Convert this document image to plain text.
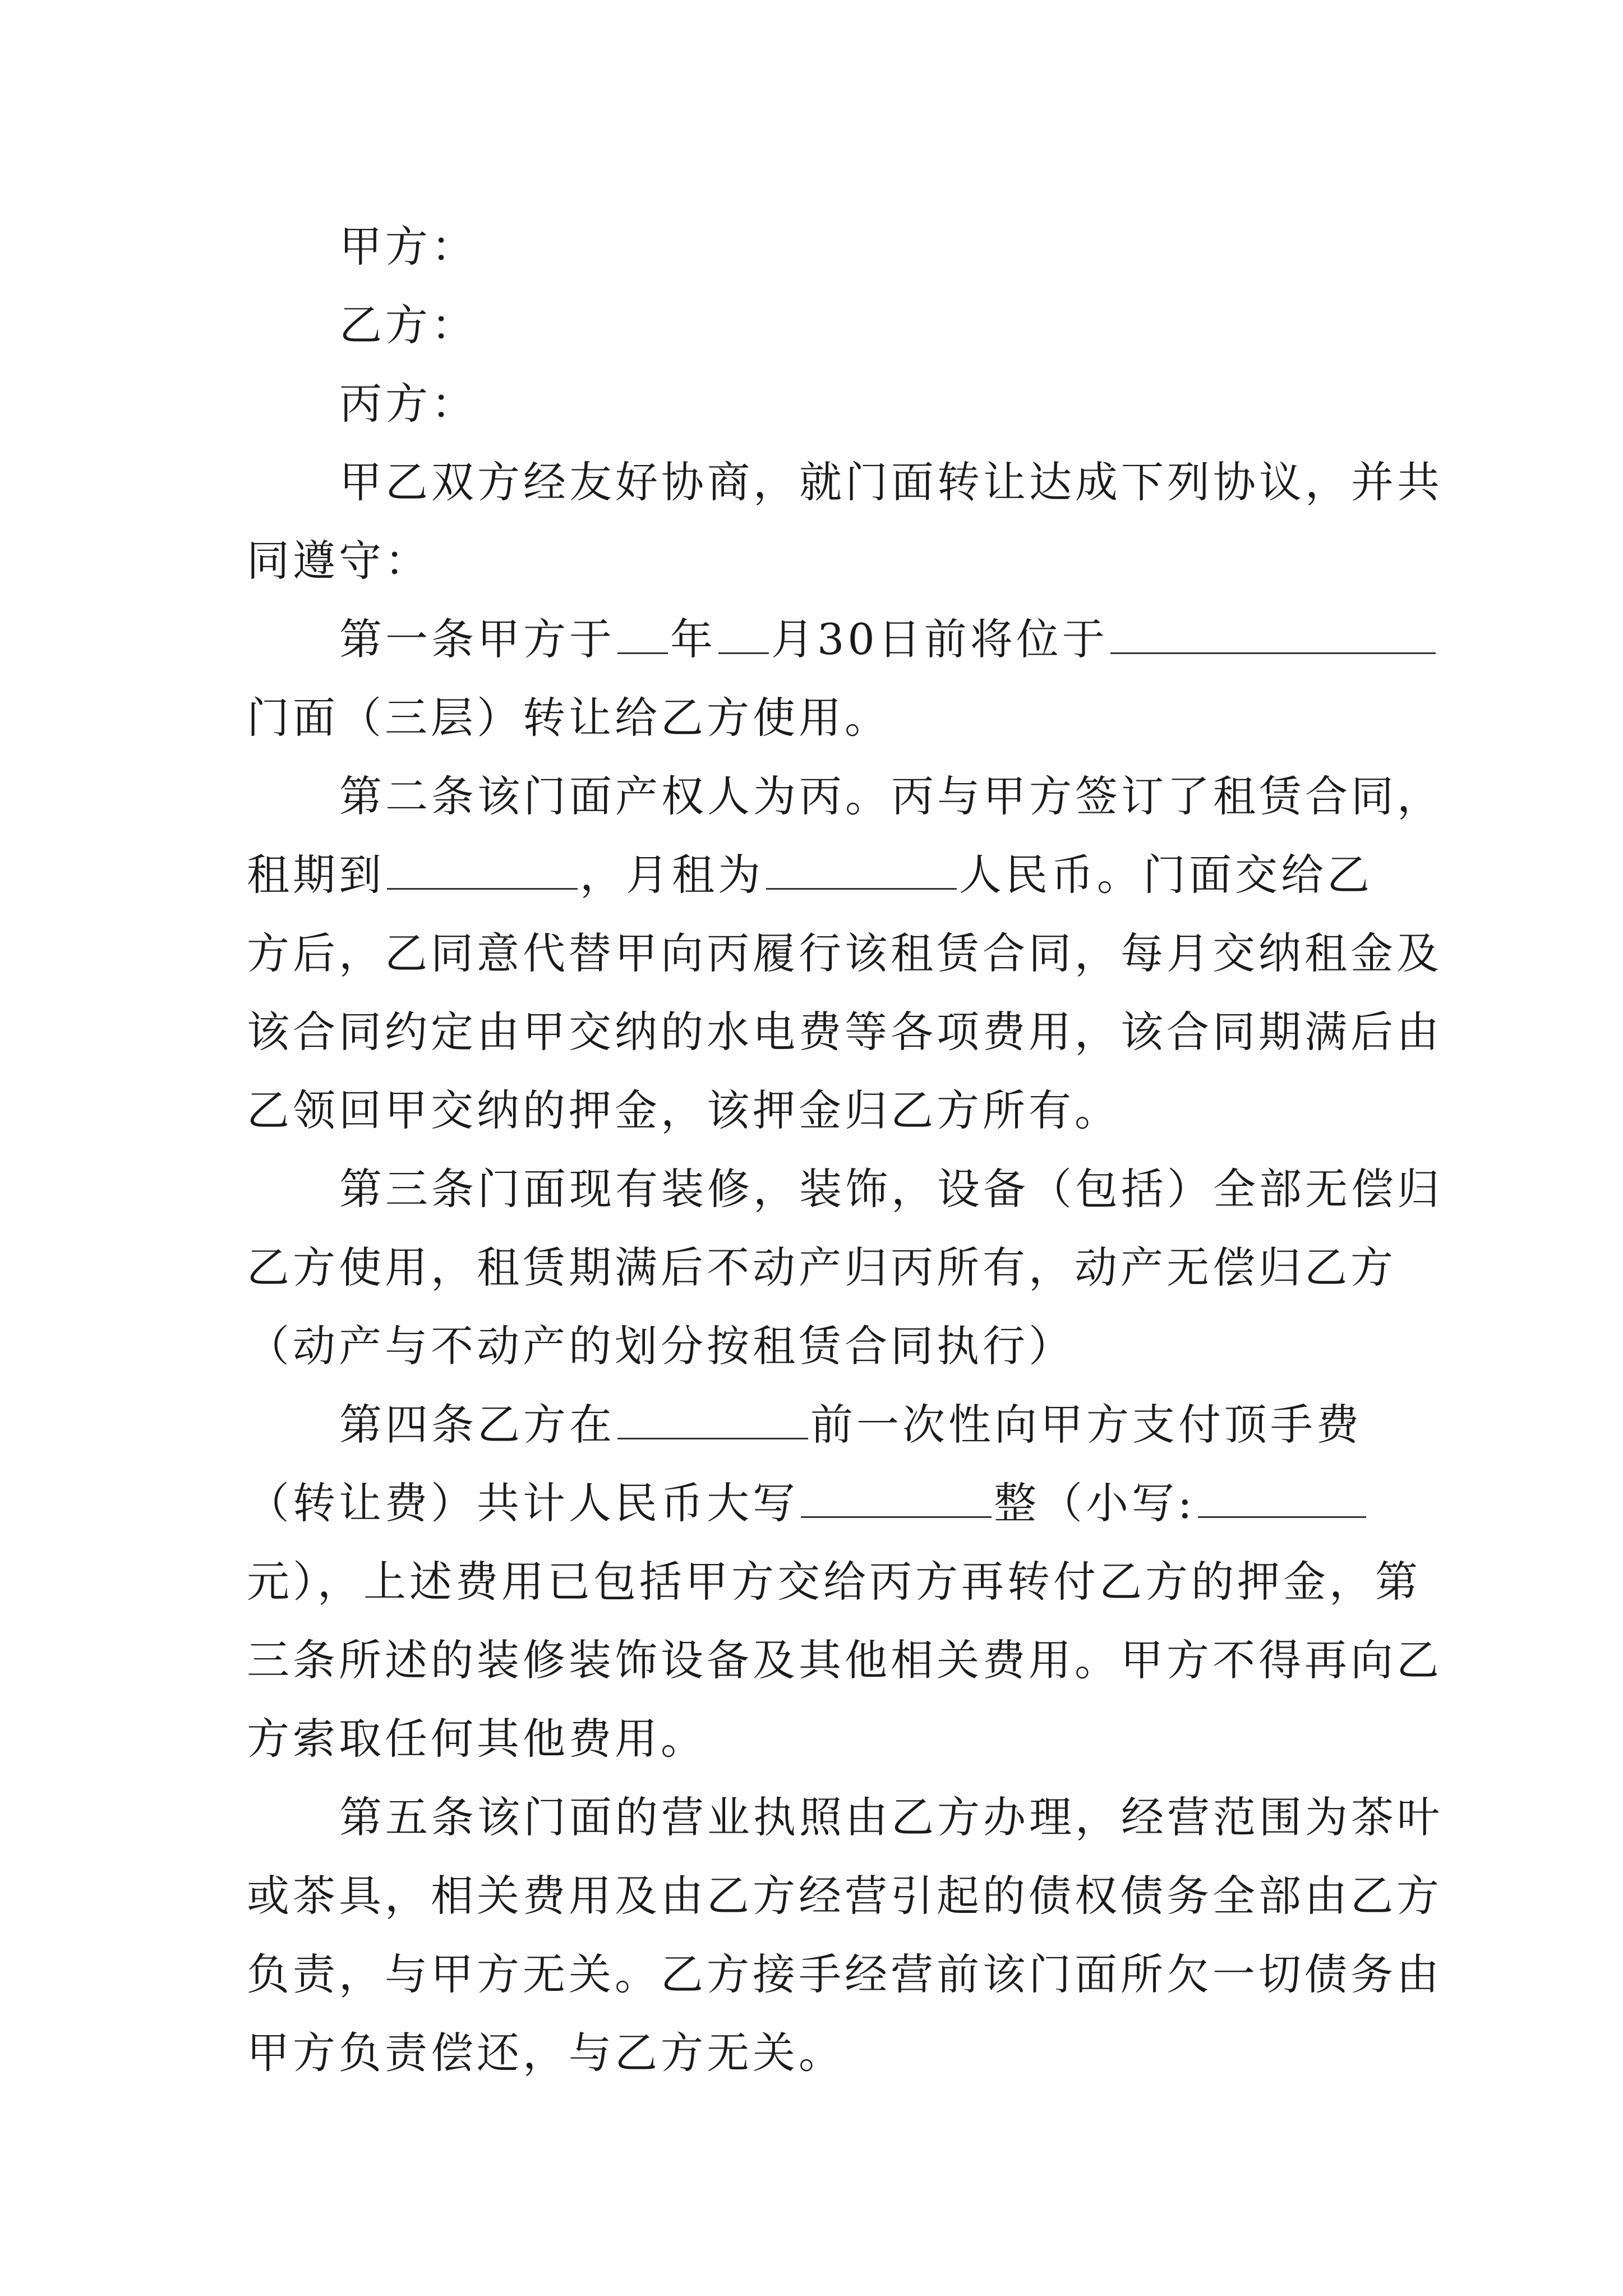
甲方：
乙方：
丙方：
甲乙双方经友好协商，就门面转让达成下列协议，并共
同遵守：
第一条甲方于 年 月30日前将位于
门面（三层）转让给乙方使用。
第二条该门面产权人为丙。丙与甲方签订了租赁合同，
租期到	，月租为	人民币。门面交给乙
方后，乙同意代替甲向丙履行该租赁合同，每月交纳租金及
该合同约定由甲交纳的水电费等各项费用，该合同期满后由
乙领回甲交纳的押金，该押金归乙方所有。
第三条门面现有装修，装饰，设备（包括）全部无偿归
乙方使用，租赁期满后不动产归丙所有，动产无偿归乙方
（动产与不动产的划分按租赁合同执行）
第四条乙方在	前一次性向甲方支付顶手费
（转让费）共计人民币大写	整（小写:
元），上述费用已包括甲方交给丙方再转付乙方的押金，第
三条所述的装修装饰设备及其他相关费用。甲方不得再向乙
方索取任何其他费用。
第五条该门面的营业执照由乙方办理，经营范围为茶叶
或茶具，相关费用及由乙方经营引起的债权债务全部由乙方
负责，与甲方无关。乙方接手经营前该门面所欠一切债务由
甲方负责偿还，与乙方无关。
